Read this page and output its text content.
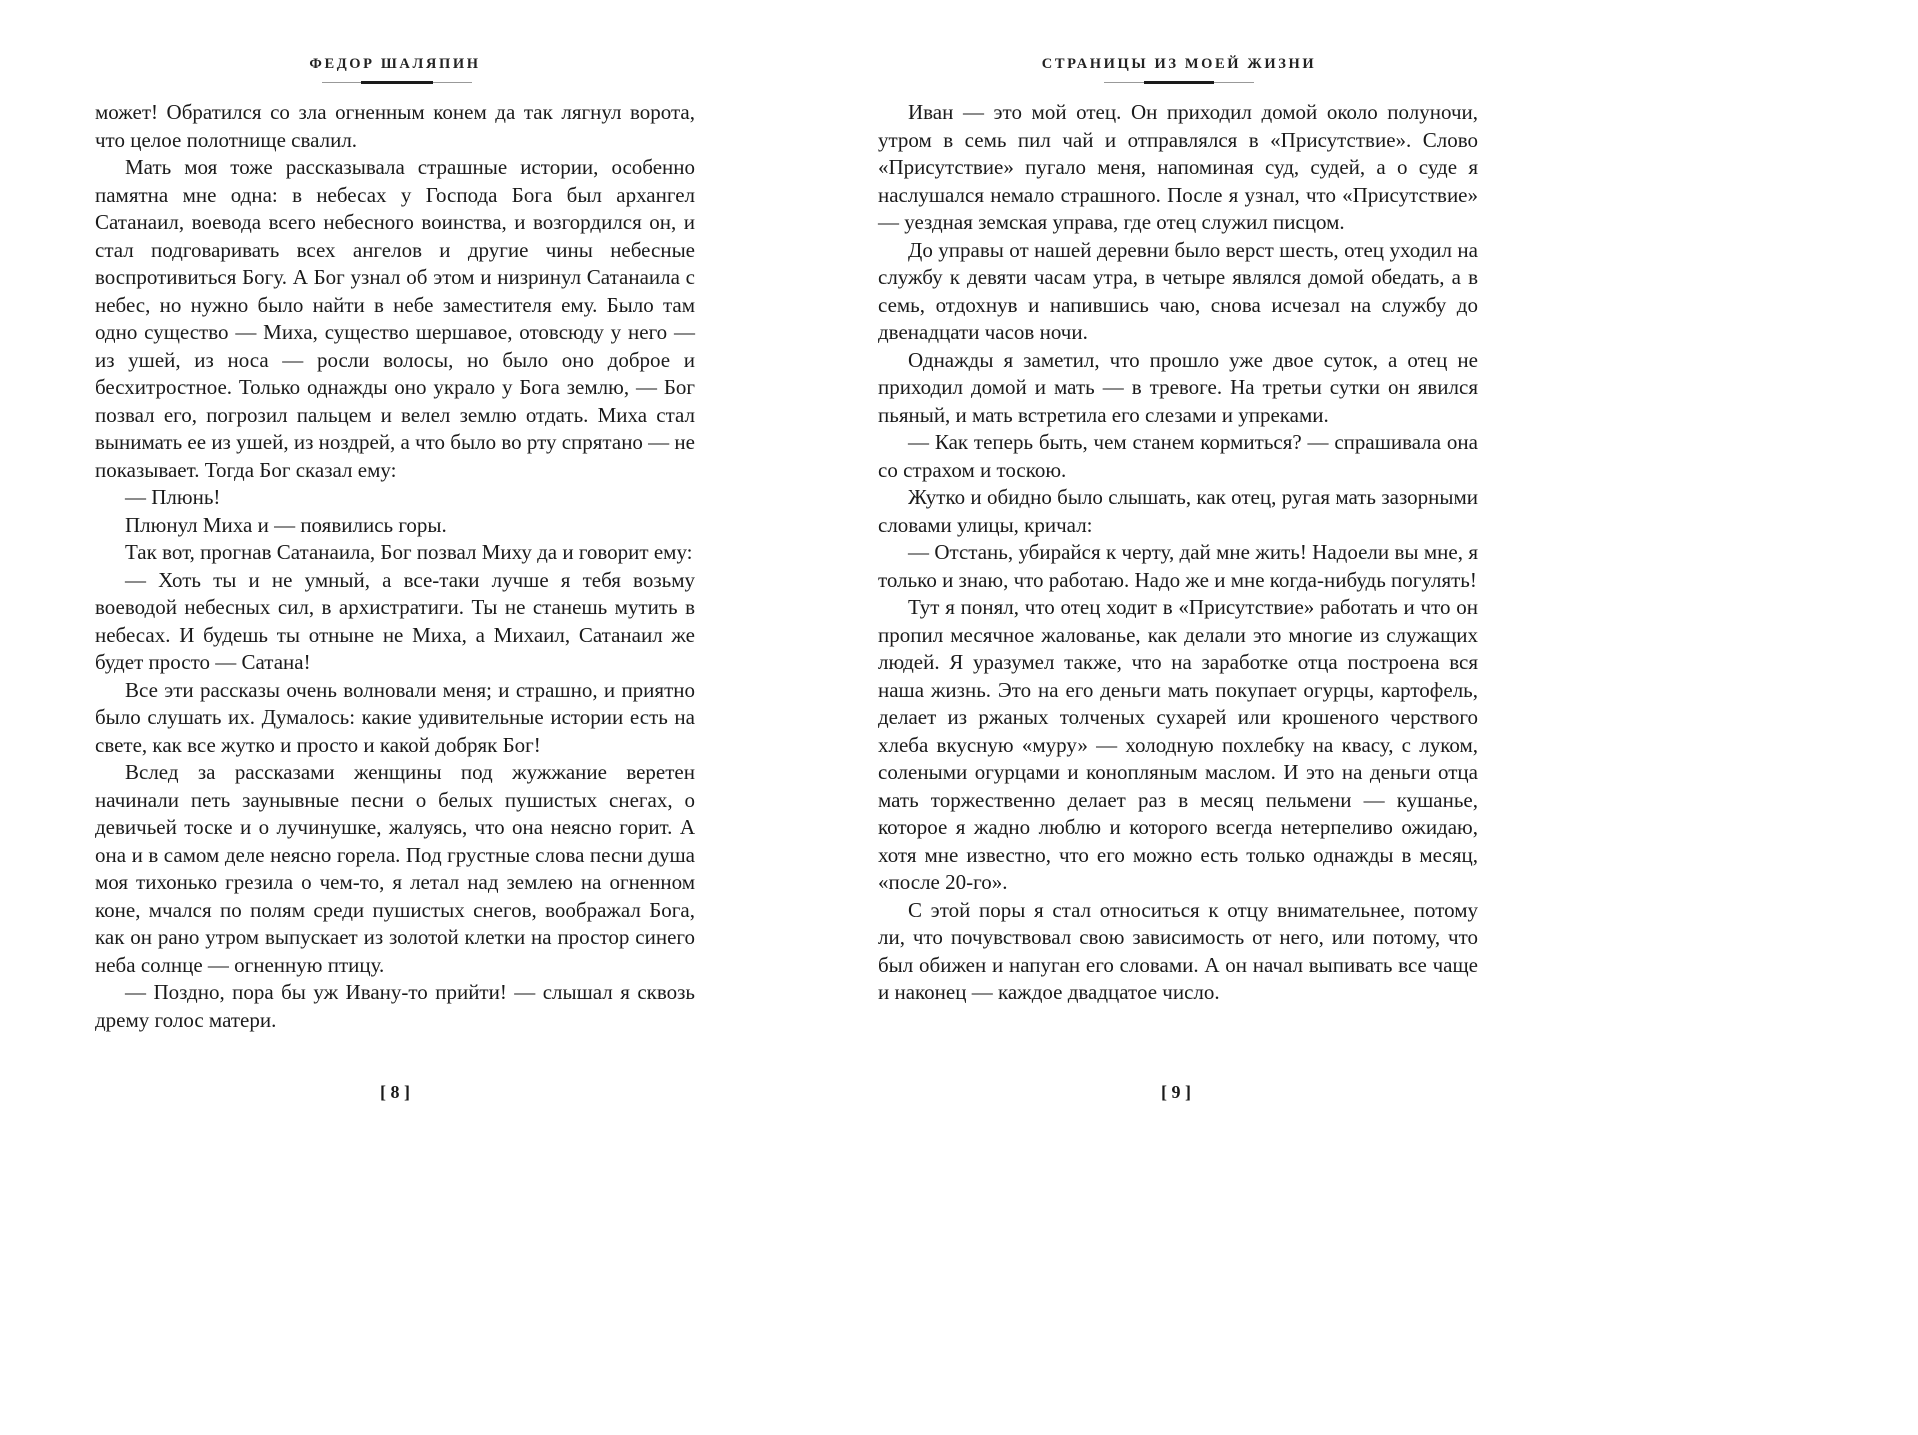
ФЕДОР ШАЛЯПИН

может! Обратился со зла огненным конем да так лягнул ворота, что целое полотнище свалил.

Мать моя тоже рассказывала страшные истории, особенно памятна мне одна: в небесах у Господа Бога был архангел Сатанаил, воевода всего небесного воинства, и возгордился он, и стал подговаривать всех ангелов и другие чины небесные воспротивиться Богу. А Бог узнал об этом и низринул Сатанаила с небес, но нужно было найти в небе заместителя ему. Было там одно существо — Миха, существо шершавое, отовсюду у него — из ушей, из носа — росли волосы, но было оно доброе и бесхитростное. Только однажды оно украло у Бога землю, — Бог позвал его, погрозил пальцем и велел землю отдать. Миха стал вынимать ее из ушей, из ноздрей, а что было во рту спрятано — не показывает. Тогда Бог сказал ему:

— Плюнь!

Плюнул Миха и — появились горы.

Так вот, прогнав Сатанаила, Бог позвал Миху да и говорит ему:

— Хоть ты и не умный, а все-таки лучше я тебя возьму воеводой небесных сил, в архистратиги. Ты не станешь мутить в небесах. И будешь ты отныне не Миха, а Михаил, Сатанаил же будет просто — Сатана!

Все эти рассказы очень волновали меня; и страшно, и приятно было слушать их. Думалось: какие удивительные истории есть на свете, как все жутко и просто и какой добряк Бог!

Вслед за рассказами женщины под жужжание веретен начинали петь заунывные песни о белых пушистых снегах, о девичьей тоске и о лучинушке, жалуясь, что она неясно горит. А она и в самом деле неясно горела. Под грустные слова песни душа моя тихонько грезила о чем-то, я летал над землею на огненном коне, мчался по полям среди пушистых снегов, воображал Бога, как он рано утром выпускает из золотой клетки на простор синего неба солнце — огненную птицу.

— Поздно, пора бы уж Ивану-то прийти! — слышал я сквозь дрему голос матери.

[ 8 ]
СТРАНИЦЫ ИЗ МОЕЙ ЖИЗНИ

Иван — это мой отец. Он приходил домой около полуночи, утром в семь пил чай и отправлялся в «Присутствие». Слово «Присутствие» пугало меня, напоминая суд, судей, а о суде я наслушался немало страшного. После я узнал, что «Присутствие» — уездная земская управа, где отец служил писцом.

До управы от нашей деревни было верст шесть, отец уходил на службу к девяти часам утра, в четыре являлся домой обедать, а в семь, отдохнув и напившись чаю, снова исчезал на службу до двенадцати часов ночи.

Однажды я заметил, что прошло уже двое суток, а отец не приходил домой и мать — в тревоге. На третьи сутки он явился пьяный, и мать встретила его слезами и упреками.

— Как теперь быть, чем станем кормиться? — спрашивала она со страхом и тоскою.

Жутко и обидно было слышать, как отец, ругая мать зазорными словами улицы, кричал:

— Отстань, убирайся к черту, дай мне жить! Надоели вы мне, я только и знаю, что работаю. Надо же и мне когда-нибудь погулять!

Тут я понял, что отец ходит в «Присутствие» работать и что он пропил месячное жалованье, как делали это многие из служащих людей. Я уразумел также, что на заработке отца построена вся наша жизнь. Это на его деньги мать покупает огурцы, картофель, делает из ржаных толченых сухарей или крошеного черствого хлеба вкусную «муру» — холодную похлебку на квасу, с луком, солеными огурцами и конопляным маслом. И это на деньги отца мать торжественно делает раз в месяц пельмени — кушанье, которое я жадно люблю и которого всегда нетерпеливо ожидаю, хотя мне известно, что его можно есть только однажды в месяц, «после 20-го».

С этой поры я стал относиться к отцу внимательнее, потому ли, что почувствовал свою зависимость от него, или потому, что был обижен и напуган его словами. А он начал выпивать все чаще и наконец — каждое двадцатое число.

[ 9 ]
